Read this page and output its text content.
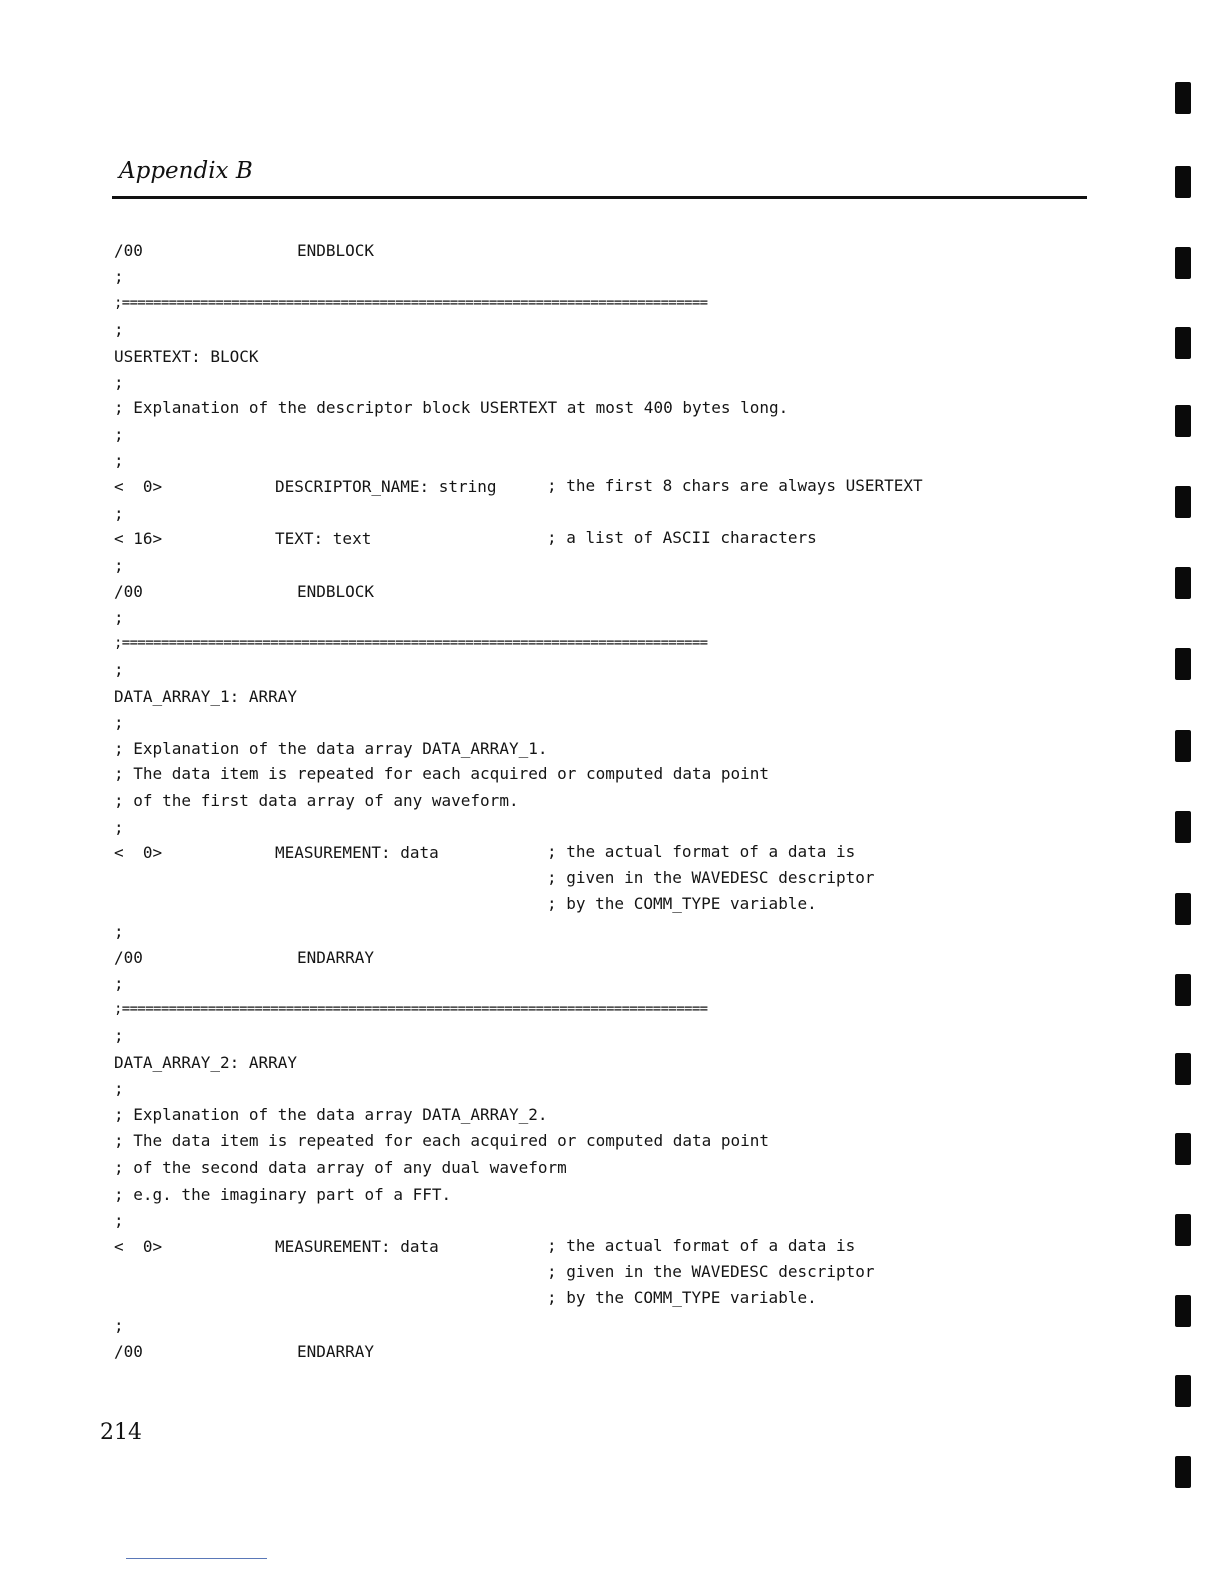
Appendix B
/00	ENDBLOCK
;
;===========================================================================
;
USERTEXT: BLOCK
;
; Explanation of the descriptor block USERTEXT at most 400 bytes long.
;
;
<  0>	DESCRIPTOR_NAME: string	; the first 8 chars are always USERTEXT
;
< 16>	TEXT: text	; a list of ASCII characters
;
/00	ENDBLOCK
;
;===========================================================================
;
DATA_ARRAY_1: ARRAY
;
; Explanation of the data array DATA_ARRAY_1.
; The data item is repeated for each acquired or computed data point
; of the first data array of any waveform.
;
<  0>	MEASUREMENT: data	; the actual format of a data is
; given in the WAVEDESC descriptor
; by the COMM_TYPE variable.
;
/00	ENDARRAY
;
;===========================================================================
;
DATA_ARRAY_2: ARRAY
;
; Explanation of the data array DATA_ARRAY_2.
; The data item is repeated for each acquired or computed data point
; of the second data array of any dual waveform
; e.g. the imaginary part of a FFT.
;
<  0>	MEASUREMENT: data	; the actual format of a data is
; given in the WAVEDESC descriptor
; by the COMM_TYPE variable.
;
/00	ENDARRAY
214
